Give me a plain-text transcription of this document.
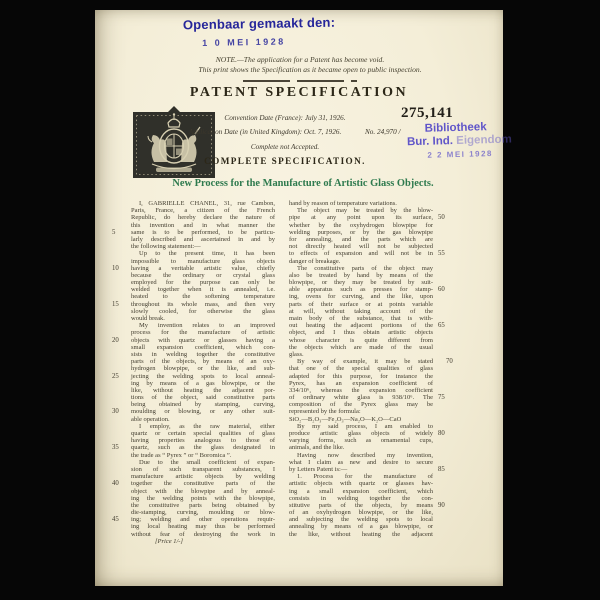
Openbaar gemaakt den:
1 0 MEI 1928
NOTE.—The application for a Patent has become void.
This print shows the Specification as it became open to public inspection.
PATENT SPECIFICATION
Convention Date (France): July 31, 1926.
Application Date (in United Kingdom): Oct. 7, 1926.	No. 24,970 /
Complete not Accepted.
COMPLETE SPECIFICATION.
275,141
Bibliotheek
Bur. Ind. Eigendom
2 2 MEI 1928
New Process for the Manufacture of Artistic Glass Objects.
I, GABRIELLE CHANEL, 31, rue Cambon,
Paris, France, a citizen of the French
Republic, do hereby declare the nature of
this invention and in what manner the
5	same is to be performed, to be particu-
larly described and ascertained in and by
the following statement:—
Up to the present time, it has been
impossible to manufacture glass objects
10	having a veritable artistic value, chiefly
because the ordinary or crystal glass
employed for the purpose can only be
welded together when it is annealed, i.e.
heated to the softening temperature
15	throughout its whole mass, and then very
slowly cooled, for otherwise the glass
would break.
My invention relates to an improved
process for the manufacture of artistic
20	objects with quartz or glasses having a
small expansion coefficient, which con-
sists in welding together the constitutive
parts of the objects, by means of an oxy-
hydrogen blowpipe, or the like, and sub-
25	jecting the welding spots to local anneal-
ing by means of a gas blowpipe, or the
like, without heating the adjacent por-
tions of the object, said constitutive parts
being obtained by stamping, curving,
30	moulding or blowing, or any other suit-
able operation.
I employ, as the raw material, either
quartz or certain special qualities of glass
having properties analogous to those of
35	quartz, such as the glass designated in
the trade as “ Pyrex ” or “ Boromica ”.
Due to the small coefficient of expan-
sion of such transparent substances, I
manufacture artistic objects by welding
40	together the constitutive parts of the
object with the blowpipe and by anneal-
ing the welding points with the blowpipe,
the constitutive parts being obtained by
die-stamping, curving, moulding or blow-
45	ing; welding and other operations requir-
ing local heating may thus be performed
without fear of destroying the work in
[Price 1/-]
hand by reason of temperature variations.
The object may be treated by the blow-
50
pipe at any point upon its surface,
whether by the oxyhydrogen blowpipe for
welding purposes, or by the gas blowpipe
for annealing, and the parts which are
not directly heated will not be subjected
55
to effects of expansion and will not be in
danger of breakage.
The constitutive parts of the object may
also be treated by hand by means of the
blowpipe, or they may be treated by suit-
60
able apparatus such as presses for stamp-
ing, ovens for curving, and the like, upon
parts of their surface or at points variable
at will, without taking account of the
main body of the substance, that is with-
65
out heating the adjacent portions of the
object, and I thus obtain artistic objects
whose character is quite different from
the objects which are made of the usual
glass.
70
By way of example, it may be stated
that one of the special qualities of glass
adapted for this purpose, for instance the
Pyrex, has an expansion coefficient of
334/10⁶, whereas the expansion coefficient
75
of ordinary white glass is 938/10⁶. The
composition of the Pyrex glass may be
represented by the formula:
SiO₂—B₂O₃—Fe₂O₃—Na₂O—K₂O—CaO
By my said process, I am enabled to
80
produce artistic glass objects of widely
varying forms, such as ornamental cups,
animals, and the like.
Having now described my invention,
what I claim as new and desire to secure
85
by Letters Patent is:—
1. Process for the manufacture of
artistic objects with quartz or glasses hav-
ing a small expansion coefficient, which
consists in welding together the con-
90
stitutive parts of the objects, by means
of an oxyhydrogen blowpipe, or the like,
and subjecting the welding spots to local
annealing by means of a gas blowpipe, or
the like, without heating the adjacent
